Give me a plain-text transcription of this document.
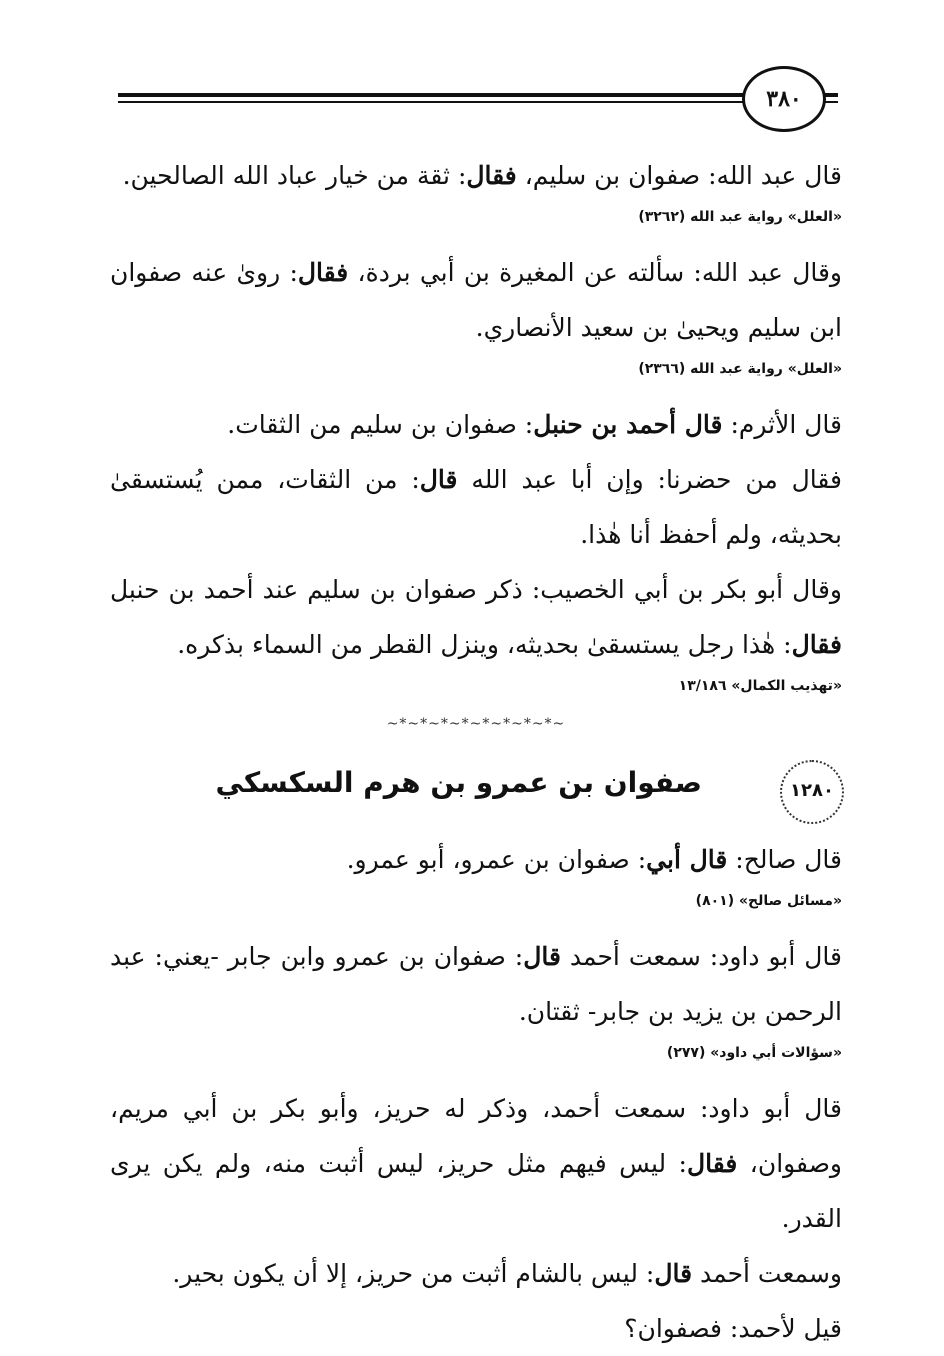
٣٨٠

قال عبد الله: صفوان بن سليم، فقال: ثقة من خيار عباد الله الصالحين.

«العلل» رواية عبد الله (٣٢٦٢)

وقال عبد الله: سألته عن المغيرة بن أبي بردة، فقال: روىٰ عنه صفوان ابن سليم ويحيىٰ بن سعيد الأنصاري.

«العلل» رواية عبد الله (٢٣٦٦)

قال الأثرم: قال أحمد بن حنبل: صفوان بن سليم من الثقات.

فقال من حضرنا: وإن أبا عبد الله قال: من الثقات، ممن يُستسقىٰ بحديثه، ولم أحفظ أنا هٰذا.

وقال أبو بكر بن أبي الخصيب: ذكر صفوان بن سليم عند أحمد بن حنبل فقال: هٰذا رجل يستسقىٰ بحديثه، وينزل القطر من السماء بذكره.

«تهذيب الكمال» ١٣/١٨٦
~*~*~*~*~*~*~*~*~
١٢٨٠
صفوان بن عمرو بن هرم السكسكي

قال صالح: قال أبي: صفوان بن عمرو، أبو عمرو.

«مسائل صالح» (٨٠١)

قال أبو داود: سمعت أحمد قال: صفوان بن عمرو وابن جابر -يعني: عبد الرحمن بن يزيد بن جابر- ثقتان.

«سؤالات أبي داود» (٢٧٧)

قال أبو داود: سمعت أحمد، وذكر له حريز، وأبو بكر بن أبي مريم، وصفوان، فقال: ليس فيهم مثل حريز، ليس أثبت منه، ولم يكن يرى القدر.

وسمعت أحمد قال: ليس بالشام أثبت من حريز، إلا أن يكون بحير.

قيل لأحمد: فصفوان؟
